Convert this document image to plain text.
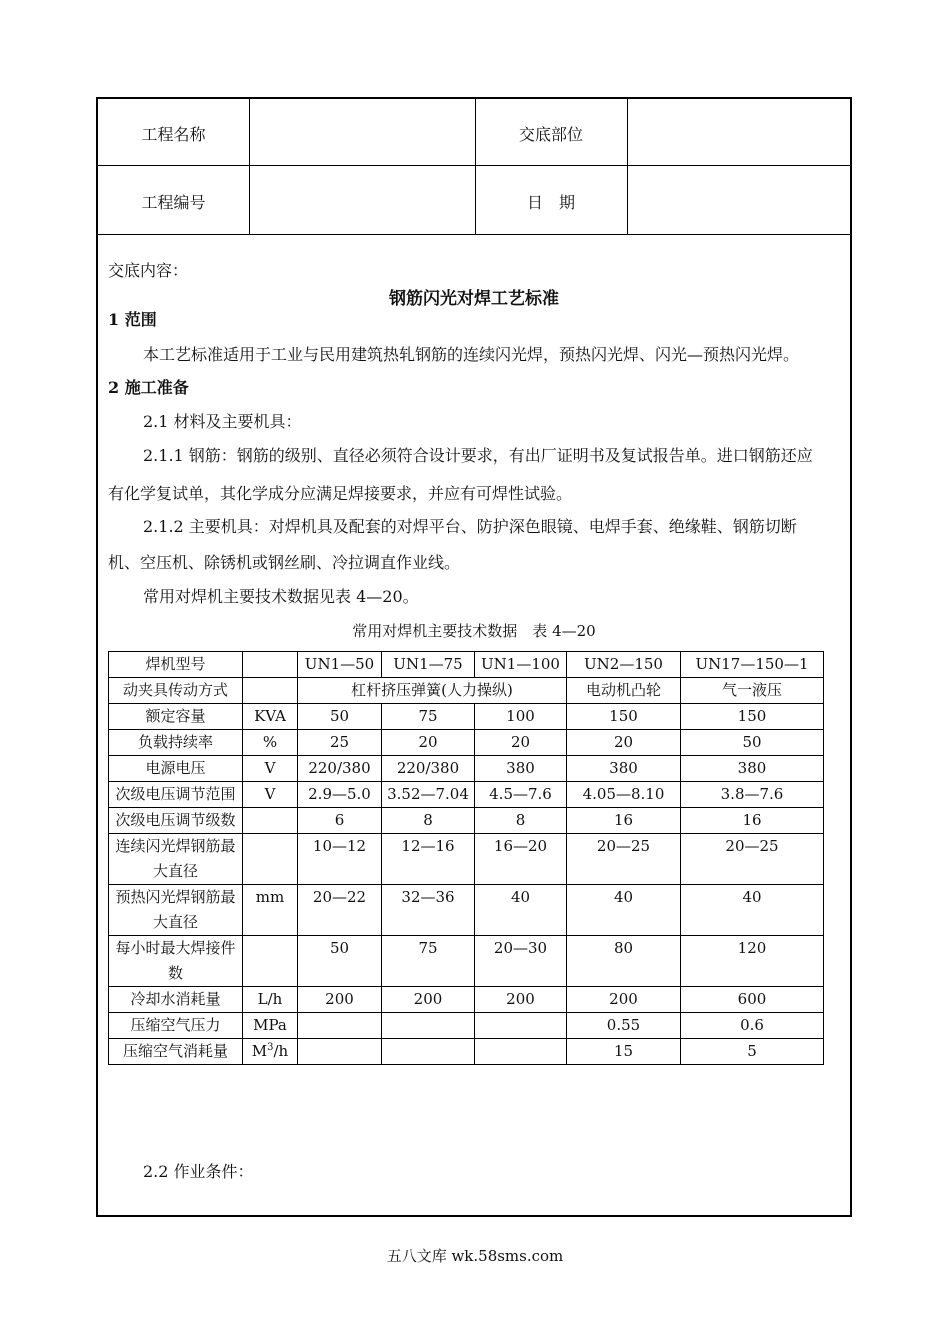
工程名称	交底部位
工程编号	日　期
交底内容：
钢筋闪光对焊工艺标准
1 范围
本工艺标准适用于工业与民用建筑热轧钢筋的连续闪光焊，预热闪光焊、闪光—预热闪光焊。
2 施工准备
2.1 材料及主要机具：
2.1.1 钢筋：钢筋的级别、直径必须符合设计要求，有出厂证明书及复试报告单。进口钢筋还应
有化学复试单，其化学成分应满足焊接要求，并应有可焊性试验。
2.1.2 主要机具：对焊机具及配套的对焊平台、防护深色眼镜、电焊手套、绝缘鞋、钢筋切断
机、空压机、除锈机或钢丝刷、冷拉调直作业线。
常用对焊机主要技术数据见表 4—20。
常用对焊机主要技术数据　表 4—20
焊机型号		UN1—50	UN1—75	UN1—100	UN2—150	UN17—150—1
动夹具传动方式		杠杆挤压弹簧(人力操纵)			电动机凸轮	气一液压
额定容量	KVA	50	75	100	150	150
负载持续率	%	25	20	20	20	50
电源电压	V	220/380	220/380	380	380	380
次级电压调节范围	V	2.9—5.0	3.52—7.04	4.5—7.6	4.05—8.10	3.8—7.6
次级电压调节级数		6	8	8	16	16
连续闪光焊钢筋最大直径		10—12	12—16	16—20	20—25	20—25
预热闪光焊钢筋最大直径	mm	20—22	32—36	40	40	40
每小时最大焊接件数		50	75	20—30	80	120
冷却水消耗量	L/h	200	200	200	200	600
压缩空气压力	MPa				0.55	0.6
压缩空气消耗量	$M^3/h$				15	5
2.2 作业条件：
五八文库 wk.58sms.com
